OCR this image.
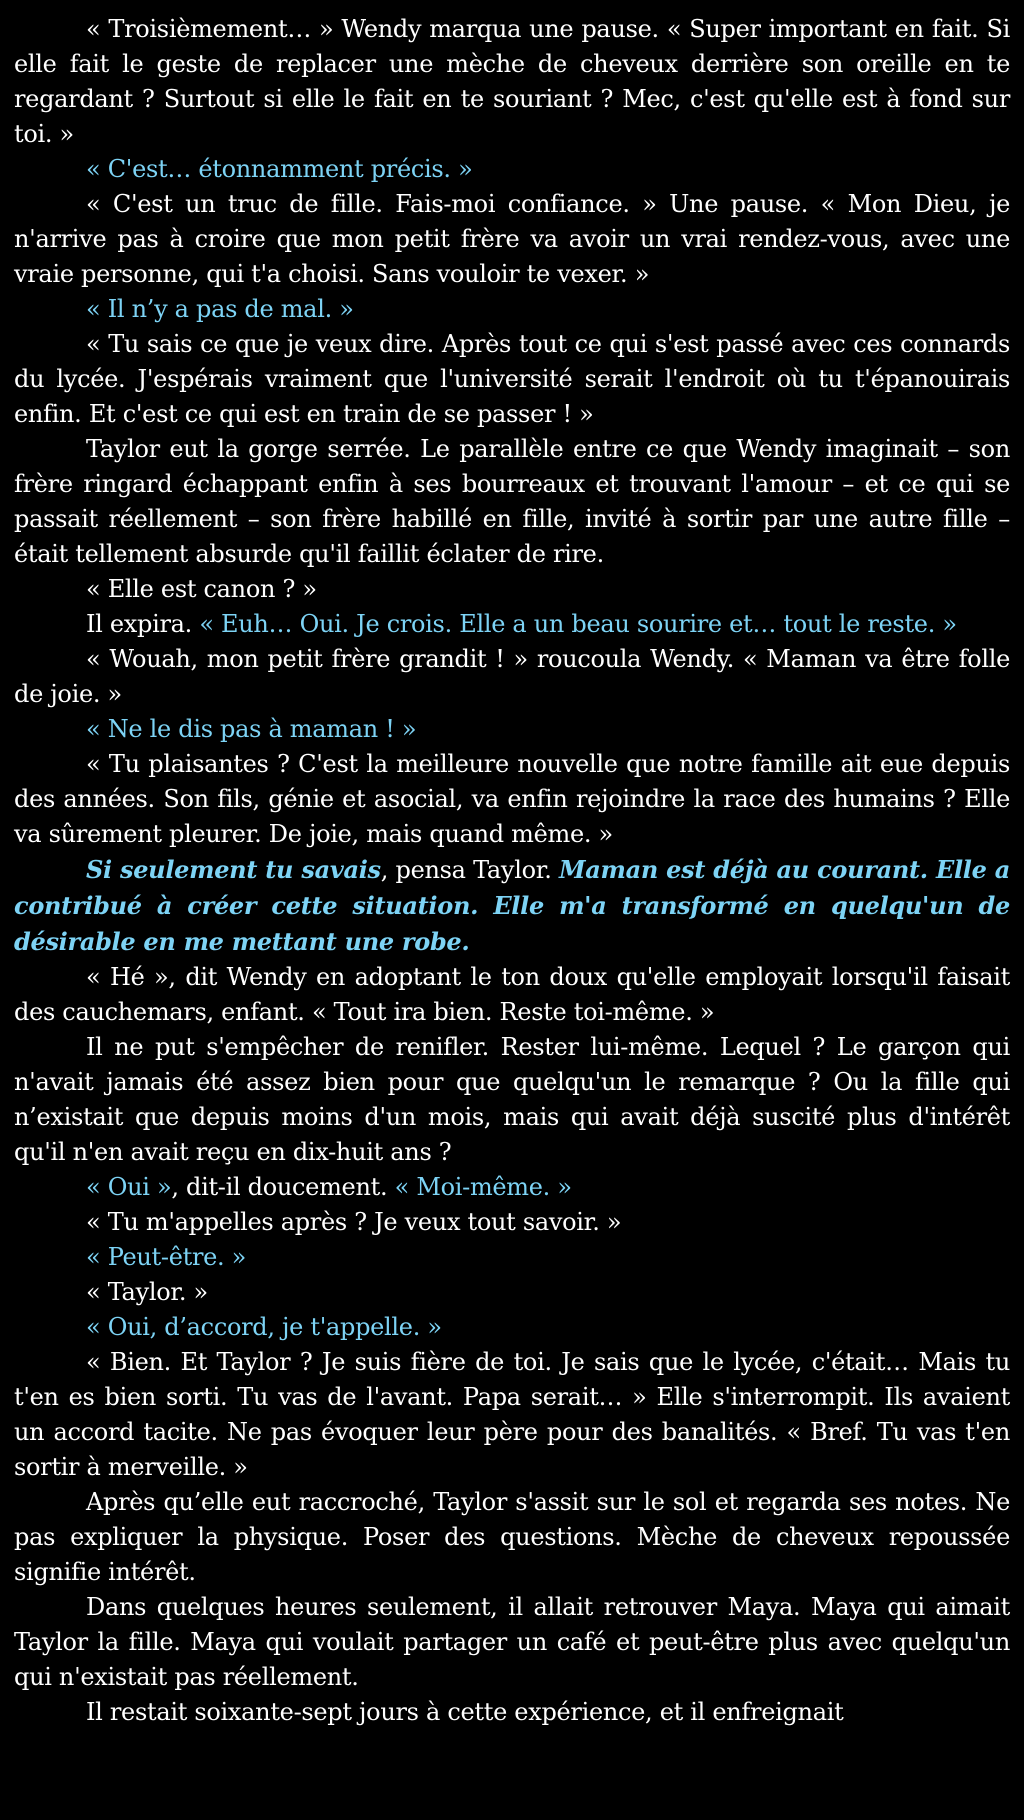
« Troisièmement… » Wendy marqua une pause. « Super important en fait. Si elle fait le geste de replacer une mèche de cheveux derrière son oreille en te regardant ? Surtout si elle le fait en te souriant ? Mec, c'est qu'elle est à fond sur toi. »

« C'est… étonnamment précis. »

« C'est un truc de fille. Fais-moi confiance. » Une pause. « Mon Dieu, je n'arrive pas à croire que mon petit frère va avoir un vrai rendez-vous, avec une vraie personne, qui t'a choisi. Sans vouloir te vexer. »

« Il n’y a pas de mal. »

« Tu sais ce que je veux dire. Après tout ce qui s'est passé avec ces connards du lycée. J'espérais vraiment que l'université serait l'endroit où tu t'épanouirais enfin. Et c'est ce qui est en train de se passer ! »

Taylor eut la gorge serrée. Le parallèle entre ce que Wendy imaginait – son frère ringard échappant enfin à ses bourreaux et trouvant l'amour – et ce qui se passait réellement – son frère habillé en fille, invité à sortir par une autre fille – était tellement absurde qu'il faillit éclater de rire.

« Elle est canon ? »

Il expira. « Euh… Oui. Je crois. Elle a un beau sourire et… tout le reste. »

« Wouah, mon petit frère grandit ! » roucoula Wendy. « Maman va être folle de joie. »

« Ne le dis pas à maman ! »

« Tu plaisantes ? C'est la meilleure nouvelle que notre famille ait eue depuis des années. Son fils, génie et asocial, va enfin rejoindre la race des humains ? Elle va sûrement pleurer. De joie, mais quand même. »

Si seulement tu savais, pensa Taylor. Maman est déjà au courant. Elle a contribué à créer cette situation. Elle m'a transformé en quelqu'un de désirable en me mettant une robe.

« Hé », dit Wendy en adoptant le ton doux qu'elle employait lorsqu'il faisait des cauchemars, enfant. « Tout ira bien. Reste toi-même. »

Il ne put s'empêcher de renifler. Rester lui-même. Lequel ? Le garçon qui n'avait jamais été assez bien pour que quelqu'un le remarque ? Ou la fille qui n’existait que depuis moins d'un mois, mais qui avait déjà suscité plus d'intérêt qu'il n'en avait reçu en dix-huit ans ?

« Oui », dit-il doucement. « Moi-même. »

« Tu m'appelles après ? Je veux tout savoir. »

« Peut-être. »

« Taylor. »

« Oui, d’accord, je t'appelle. »

« Bien. Et Taylor ? Je suis fière de toi. Je sais que le lycée, c'était… Mais tu t'en es bien sorti. Tu vas de l'avant. Papa serait… » Elle s'interrompit. Ils avaient un accord tacite. Ne pas évoquer leur père pour des banalités. « Bref. Tu vas t'en sortir à merveille. »

Après qu’elle eut raccroché, Taylor s'assit sur le sol et regarda ses notes. Ne pas expliquer la physique. Poser des questions. Mèche de cheveux repoussée signifie intérêt.

Dans quelques heures seulement, il allait retrouver Maya. Maya qui aimait Taylor la fille. Maya qui voulait partager un café et peut-être plus avec quelqu'un qui n'existait pas réellement.

Il restait soixante-sept jours à cette expérience, et il enfreignait
